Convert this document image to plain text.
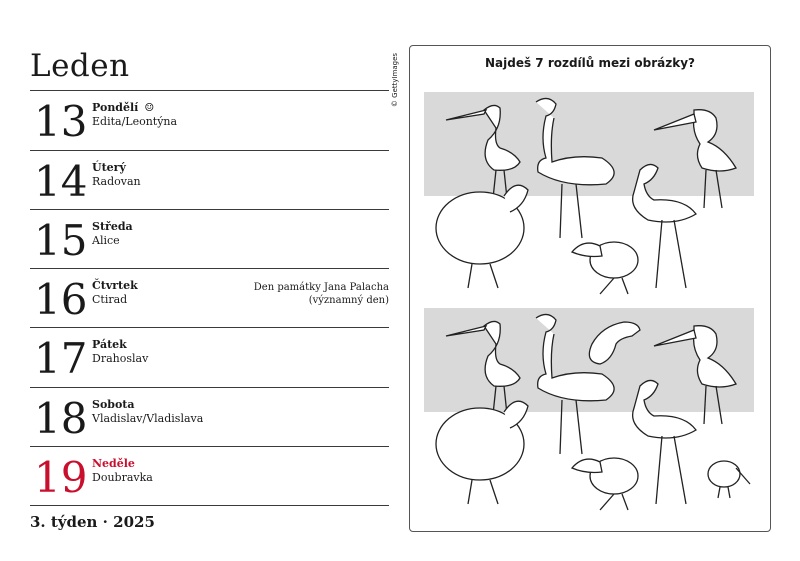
Leden
13 Pondělí ☺
Edita/Leontýna
14 Úterý
Radovan
15 Středa
Alice
16 Čtvrtek
Ctirad
Den památky Jana Palacha
(významný den)
17 Pátek
Drahoslav
18 Sobota
Vladislav/Vladislava
19 Neděle
Doubravka
3. týden · 2025
© GettyImages	Najdeš 7 rozdílů mezi obrázky?
